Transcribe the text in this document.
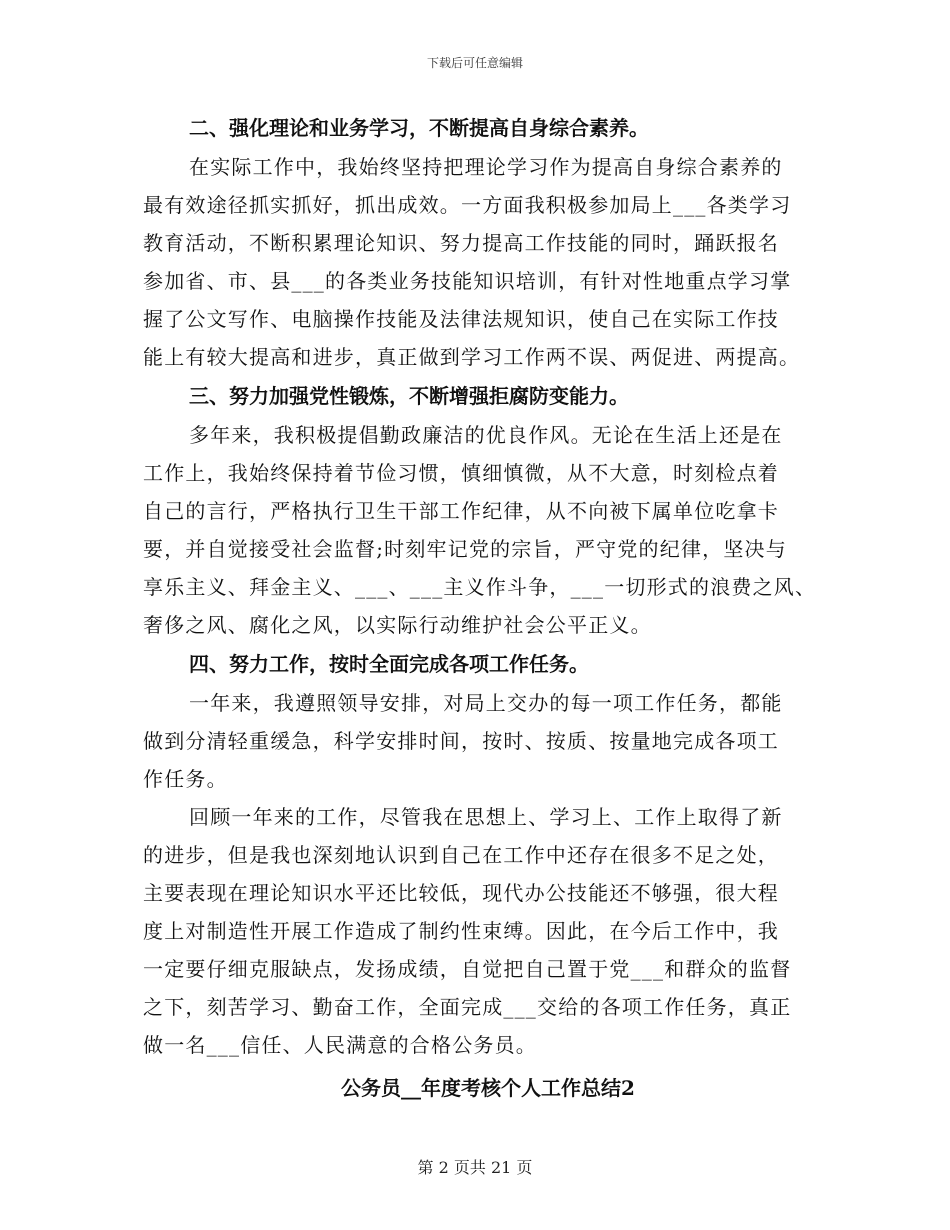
下载后可任意编辑
二、强化理论和业务学习，不断提高自身综合素养。
在实际工作中，我始终坚持把理论学习作为提高自身综合素养的
最有效途径抓实抓好，抓出成效。一方面我积极参加局上___各类学习
教育活动，不断积累理论知识、努力提高工作技能的同时，踊跃报名
参加省、市、县___的各类业务技能知识培训，有针对性地重点学习掌
握了公文写作、电脑操作技能及法律法规知识，使自己在实际工作技
能上有较大提高和进步，真正做到学习工作两不误、两促进、两提高。
三、努力加强党性锻炼，不断增强拒腐防变能力。
多年来，我积极提倡勤政廉洁的优良作风。无论在生活上还是在
工作上，我始终保持着节俭习惯，慎细慎微，从不大意，时刻检点着
自己的言行，严格执行卫生干部工作纪律，从不向被下属单位吃拿卡
要，并自觉接受社会监督;时刻牢记党的宗旨，严守党的纪律，坚决与
享乐主义、拜金主义、___、___主义作斗争，___一切形式的浪费之风、
奢侈之风、腐化之风，以实际行动维护社会公平正义。
四、努力工作，按时全面完成各项工作任务。
一年来，我遵照领导安排，对局上交办的每一项工作任务，都能
做到分清轻重缓急，科学安排时间，按时、按质、按量地完成各项工
作任务。
回顾一年来的工作，尽管我在思想上、学习上、工作上取得了新
的进步，但是我也深刻地认识到自己在工作中还存在很多不足之处，
主要表现在理论知识水平还比较低，现代办公技能还不够强，很大程
度上对制造性开展工作造成了制约性束缚。因此，在今后工作中，我
一定要仔细克服缺点，发扬成绩，自觉把自己置于党___和群众的监督
之下，刻苦学习、勤奋工作，全面完成___交给的各项工作任务，真正
做一名___信任、人民满意的合格公务员。
公务员__年度考核个人工作总结2
第 2 页共 21 页
